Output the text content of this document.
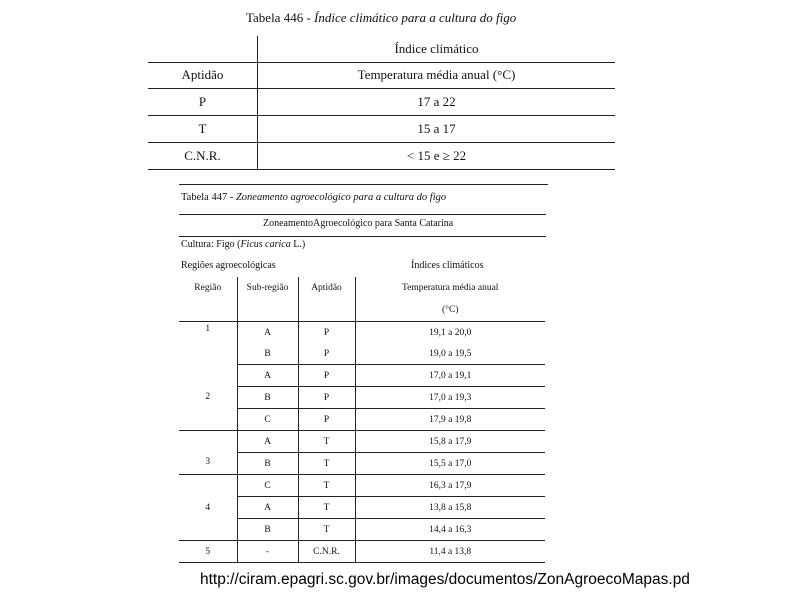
Tabela 446 - Índice climático para a cultura do figo
	Índice climático
Aptidão	Temperatura média anual (°C)
P	17 a 22
T	15 a 17
C.N.R.	< 15 e ≥ 22
Tabela 447 - Zoneamento agroecológico para a cultura do figo
ZoneamentoAgroecológico para Santa Catarina
Cultura: Figo (Ficus carica L.)
Regiões agroecológicas	Índices climáticos
Região	Sub-região	Aptidão	Temperatura média anual
			(°C)
1	A	P	19,1 a 20,0
	B	P	19,0 a 19,5
2	A	P	17,0 a 19,1
	B	P	17,0 a 19,3
	C	P	17,9 a 19,8
3	A	T	15,8 a 17,9
	B	T	15,5 a 17,0
4	C	T	16,3 a 17,9
	A	T	13,8 a 15,8
	B	T	14,4 a 16,3
5	-	C.N.R.	11,4 a 13,8
http://ciram.epagri.sc.gov.br/images/documentos/ZonAgroecoMapas.pd
